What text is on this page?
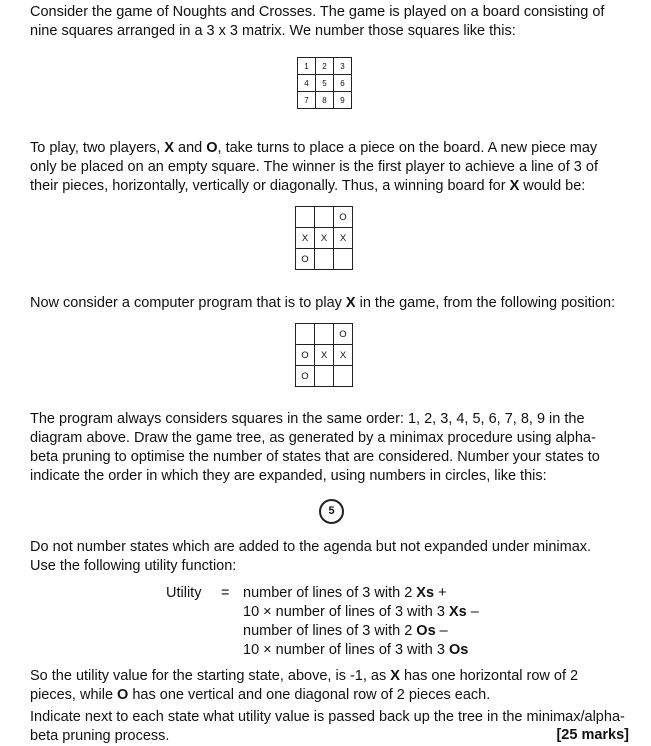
Consider the game of Noughts and Crosses. The game is played on a board consisting of
nine squares arranged in a 3 x 3 matrix. We number those squares like this:
1	2	3
4	5	6
7	8	9
To play, two players, X and O, take turns to place a piece on the board. A new piece may
only be placed on an empty square. The winner is the first player to achieve a line of 3 of
their pieces, horizontally, vertically or diagonally. Thus, a winning board for X would be:
		O
X	X	X
O		
Now consider a computer program that is to play X in the game, from the following position:
		O
O	X	X
O		
The program always considers squares in the same order: 1, 2, 3, 4, 5, 6, 7, 8, 9 in the
diagram above. Draw the game tree, as generated by a minimax procedure using alpha-
beta pruning to optimise the number of states that are considered. Number your states to
indicate the order in which they are expanded, using numbers in circles, like this:
5
Do not number states which are added to the agenda but not expanded under minimax.
Use the following utility function:
Utility = number of lines of 3 with 2 Xs +
10 × number of lines of 3 with 3 Xs –
number of lines of 3 with 2 Os –
10 × number of lines of 3 with 3 Os
So the utility value for the starting state, above, is -1, as X has one horizontal row of 2
pieces, while O has one vertical and one diagonal row of 2 pieces each.
Indicate next to each state what utility value is passed back up the tree in the minimax/alpha-
beta pruning process.	[25 marks]
